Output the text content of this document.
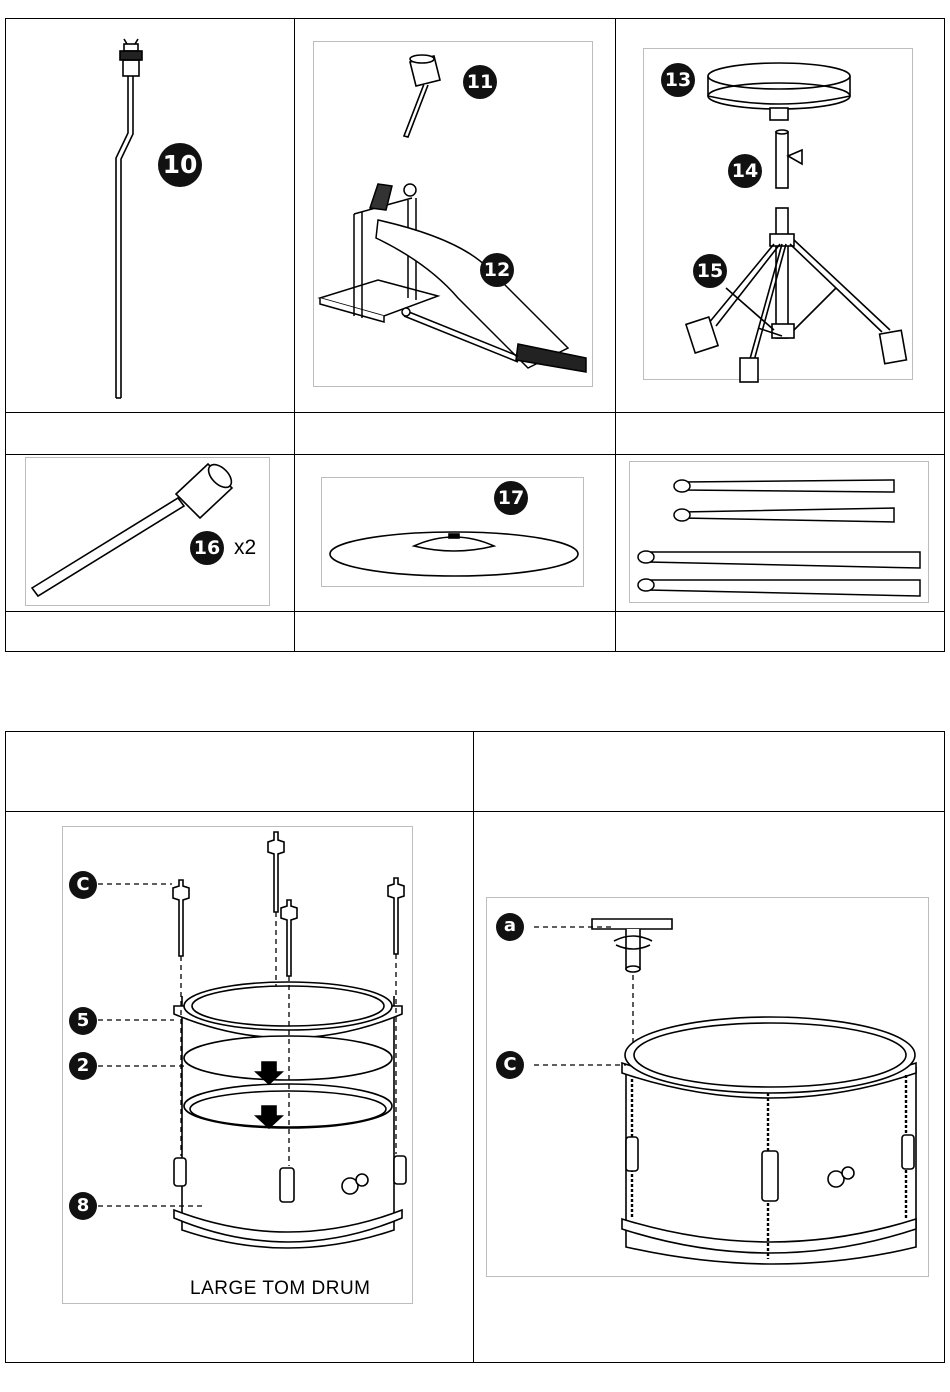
10
11
12
13
14
15
16 x2
17
C
5
2
8
LARGE TOM DRUM
a
C
